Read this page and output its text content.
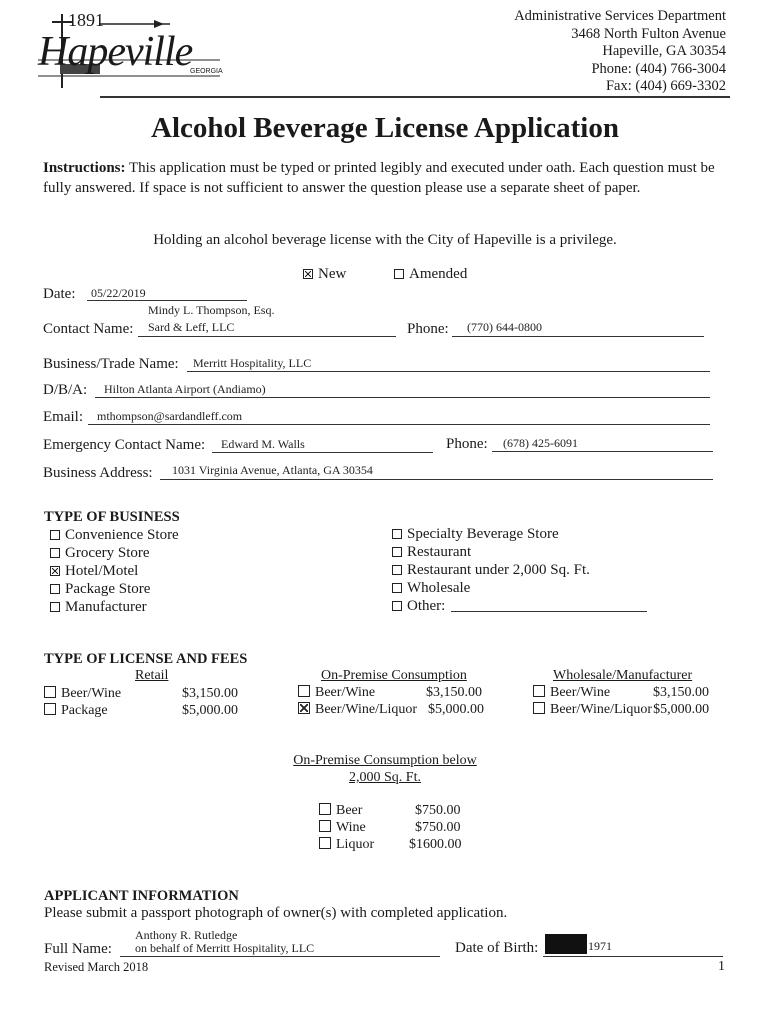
1891
Hapeville
GEORGIA
Administrative Services Department
3468 North Fulton Avenue
Hapeville, GA 30354
Phone: (404) 766-3004
Fax: (404) 669-3302
Alcohol Beverage License Application
Instructions: This application must be typed or printed legibly and executed under oath. Each question must be fully answered. If space is not sufficient to answer the question please use a separate sheet of paper.
Holding an alcohol beverage license with the City of Hapeville is a privilege.
New	Amended
Date: 05/22/2019
Mindy L. Thompson, Esq.
Contact Name: Sard & Leff, LLC	Phone: (770) 644-0800
Business/Trade Name: Merritt Hospitality, LLC
D/B/A: Hilton Atlanta Airport (Andiamo)
Email: mthompson@sardandleff.com
Emergency Contact Name: Edward M. Walls	Phone: (678) 425-6091
Business Address: 1031 Virginia Avenue, Atlanta, GA 30354
TYPE OF BUSINESS
Convenience Store
Grocery Store
Hotel/Motel
Package Store
Manufacturer
Specialty Beverage Store
Restaurant
Restaurant under 2,000 Sq. Ft.
Wholesale
Other:
TYPE OF LICENSE AND FEES
Retail
Beer/Wine	$3,150.00
Package	$5,000.00
On-Premise Consumption
Beer/Wine	$3,150.00
Beer/Wine/Liquor $5,000.00
Wholesale/Manufacturer
Beer/Wine	$3,150.00
Beer/Wine/Liquor$5,000.00
On-Premise Consumption below
2,000 Sq. Ft.
Beer	$750.00
Wine	$750.00
Liquor $1600.00
APPLICANT INFORMATION
Please submit a passport photograph of owner(s) with completed application.
Anthony R. Rutledge
Full Name: on behalf of Merritt Hospitality, LLC	Date of Birth:	1971
Revised March 2018	1
